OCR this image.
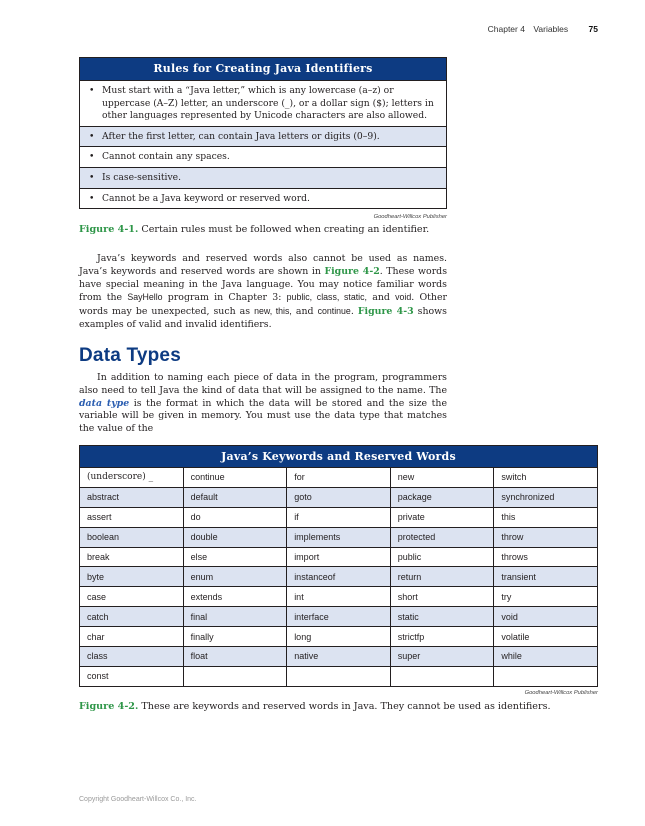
Chapter 4 Variables 75
Rules for Creating Java Identifiers
• Must start with a “Java letter,” which is any lowercase (a–z) or uppercase (A–Z) letter, an underscore (_), or a dollar sign ($); letters in other languages represented by Unicode characters are also allowed.
• After the first letter, can contain Java letters or digits (0–9).
• Cannot contain any spaces.
• Is case-sensitive.
• Cannot be a Java keyword or reserved word.
Goodheart-Willcox Publisher
Figure 4-1. Certain rules must be followed when creating an identifier.
Java’s keywords and reserved words also cannot be used as names. Java’s keywords and reserved words are shown in Figure 4-2. These words have special meaning in the Java language. You may notice familiar words from the SayHello program in Chapter 3: public, class, static, and void. Other words may be unexpected, such as new, this, and continue. Figure 4-3 shows examples of valid and invalid identifiers.
Data Types
In addition to naming each piece of data in the program, programmers also need to tell Java the kind of data that will be assigned to the name. The data type is the format in which the data will be stored and the size the variable will be given in memory. You must use the data type that matches the value of the
Java’s Keywords and Reserved Words				
(underscore) _	continue	for	new	switch
abstract	default	goto	package	synchronized
assert	do	if	private	this
boolean	double	implements	protected	throw
break	else	import	public	throws
byte	enum	instanceof	return	transient
case	extends	int	short	try
catch	final	interface	static	void
char	finally	long	strictfp	volatile
class	float	native	super	while
const				
Goodheart-Willcox Publisher
Figure 4-2. These are keywords and reserved words in Java. They cannot be used as identifiers.
Copyright Goodheart-Willcox Co., Inc.
